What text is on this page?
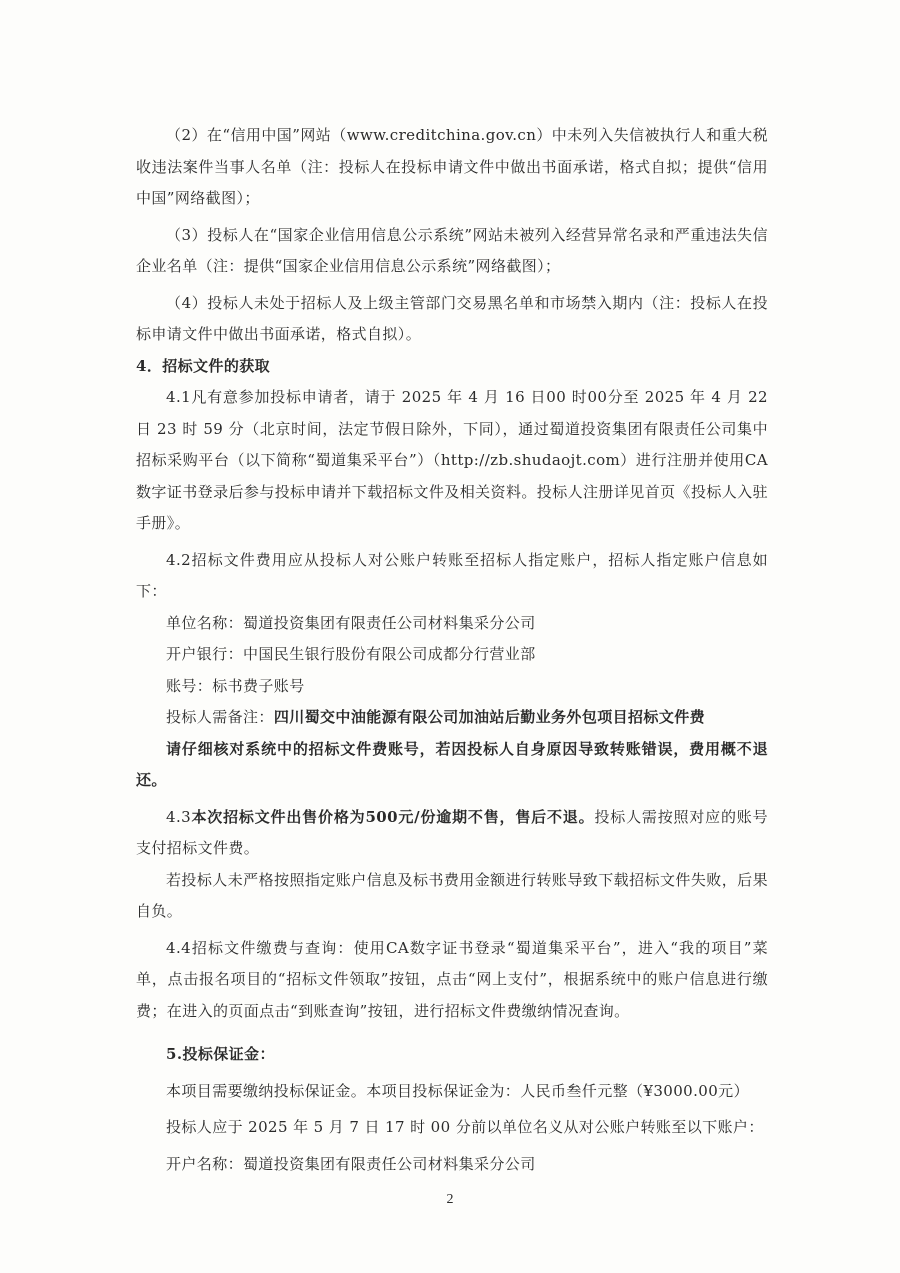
（2）在“信用中国”网站（www.creditchina.gov.cn）中未列入失信被执行人和重大税收违法案件当事人名单（注：投标人在投标申请文件中做出书面承诺，格式自拟；提供“信用中国”网络截图）；

（3）投标人在“国家企业信用信息公示系统”网站未被列入经营异常名录和严重违法失信企业名单（注：提供“国家企业信用信息公示系统”网络截图）；

（4）投标人未处于招标人及上级主管部门交易黑名单和市场禁入期内（注：投标人在投标申请文件中做出书面承诺，格式自拟）。

4．招标文件的获取

4.1凡有意参加投标申请者，请于 2025 年 4 月 16 日00 时00分至 2025 年 4 月 22 日 23 时 59 分（北京时间，法定节假日除外，下同），通过蜀道投资集团有限责任公司集中招标采购平台（以下简称“蜀道集采平台”）（http://zb.shudaojt.com）进行注册并使用CA数字证书登录后参与投标申请并下载招标文件及相关资料。投标人注册详见首页《投标人入驻手册》。

4.2招标文件费用应从投标人对公账户转账至招标人指定账户，招标人指定账户信息如下：

单位名称：蜀道投资集团有限责任公司材料集采分公司

开户银行：中国民生银行股份有限公司成都分行营业部

账号：标书费子账号

投标人需备注：四川蜀交中油能源有限公司加油站后勤业务外包项目招标文件费

请仔细核对系统中的招标文件费账号，若因投标人自身原因导致转账错误，费用概不退还。

4.3本次招标文件出售价格为500元/份逾期不售，售后不退。投标人需按照对应的账号支付招标文件费。

若投标人未严格按照指定账户信息及标书费用金额进行转账导致下载招标文件失败，后果自负。

4.4招标文件缴费与查询：使用CA数字证书登录“蜀道集采平台”，进入“我的项目”菜单，点击报名项目的“招标文件领取”按钮，点击“网上支付”，根据系统中的账户信息进行缴费；在进入的页面点击“到账查询”按钮，进行招标文件费缴纳情况查询。

5.投标保证金：

本项目需要缴纳投标保证金。本项目投标保证金为：人民币叁仟元整（¥3000.00元）

投标人应于 2025 年 5 月 7 日 17 时 00 分前以单位名义从对公账户转账至以下账户：

开户名称：蜀道投资集团有限责任公司材料集采分公司

2
